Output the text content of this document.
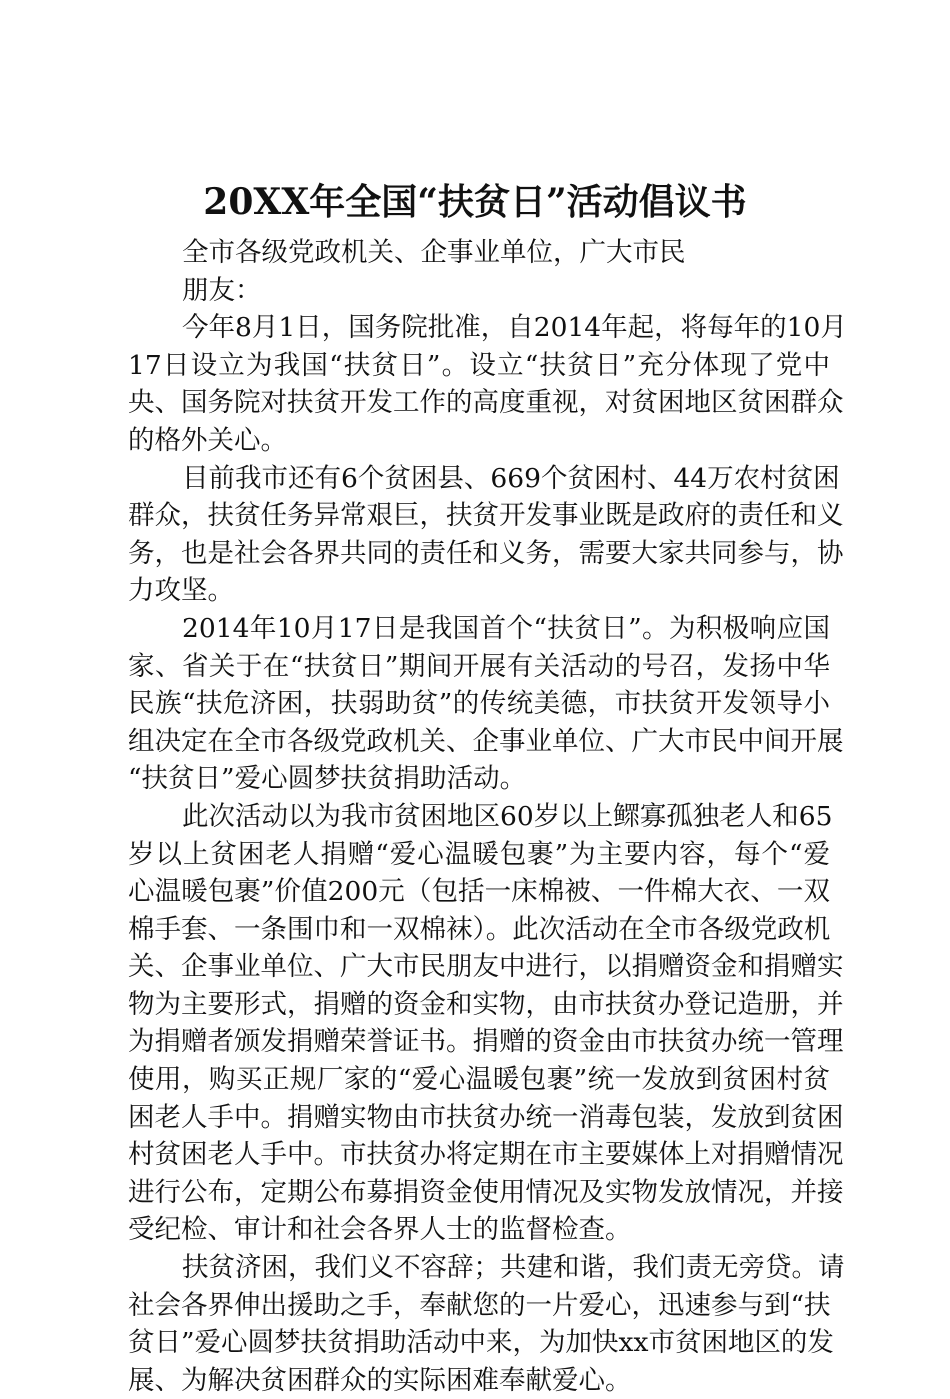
20XX年全国“扶贫日”活动倡议书
全市各级党政机关、企事业单位，广大市民
朋友：
今年8月1日，国务院批准，自2014年起，将每年的10月
17日设立为我国“扶贫日”。设立“扶贫日”充分体现了党中
央、国务院对扶贫开发工作的高度重视，对贫困地区贫困群众
的格外关心。
目前我市还有6个贫困县、669个贫困村、44万农村贫困
群众，扶贫任务异常艰巨，扶贫开发事业既是政府的责任和义
务，也是社会各界共同的责任和义务，需要大家共同参与，协
力攻坚。
2014年10月17日是我国首个“扶贫日”。为积极响应国
家、省关于在“扶贫日”期间开展有关活动的号召，发扬中华
民族“扶危济困，扶弱助贫”的传统美德，市扶贫开发领导小
组决定在全市各级党政机关、企事业单位、广大市民中间开展
“扶贫日”爱心圆梦扶贫捐助活动。
此次活动以为我市贫困地区60岁以上鳏寡孤独老人和65
岁以上贫困老人捐赠“爱心温暖包裹”为主要内容，每个“爱
心温暖包裹”价值200元（包括一床棉被、一件棉大衣、一双
棉手套、一条围巾和一双棉袜）。此次活动在全市各级党政机
关、企事业单位、广大市民朋友中进行，以捐赠资金和捐赠实
物为主要形式，捐赠的资金和实物，由市扶贫办登记造册，并
为捐赠者颁发捐赠荣誉证书。捐赠的资金由市扶贫办统一管理
使用，购买正规厂家的“爱心温暖包裹”统一发放到贫困村贫
困老人手中。捐赠实物由市扶贫办统一消毒包装，发放到贫困
村贫困老人手中。市扶贫办将定期在市主要媒体上对捐赠情况
进行公布，定期公布募捐资金使用情况及实物发放情况，并接
受纪检、审计和社会各界人士的监督检查。
扶贫济困，我们义不容辞；共建和谐，我们责无旁贷。请
社会各界伸出援助之手，奉献您的一片爱心，迅速参与到“扶
贫日”爱心圆梦扶贫捐助活动中来，为加快xx市贫困地区的发
展、为解决贫困群众的实际困难奉献爱心。
